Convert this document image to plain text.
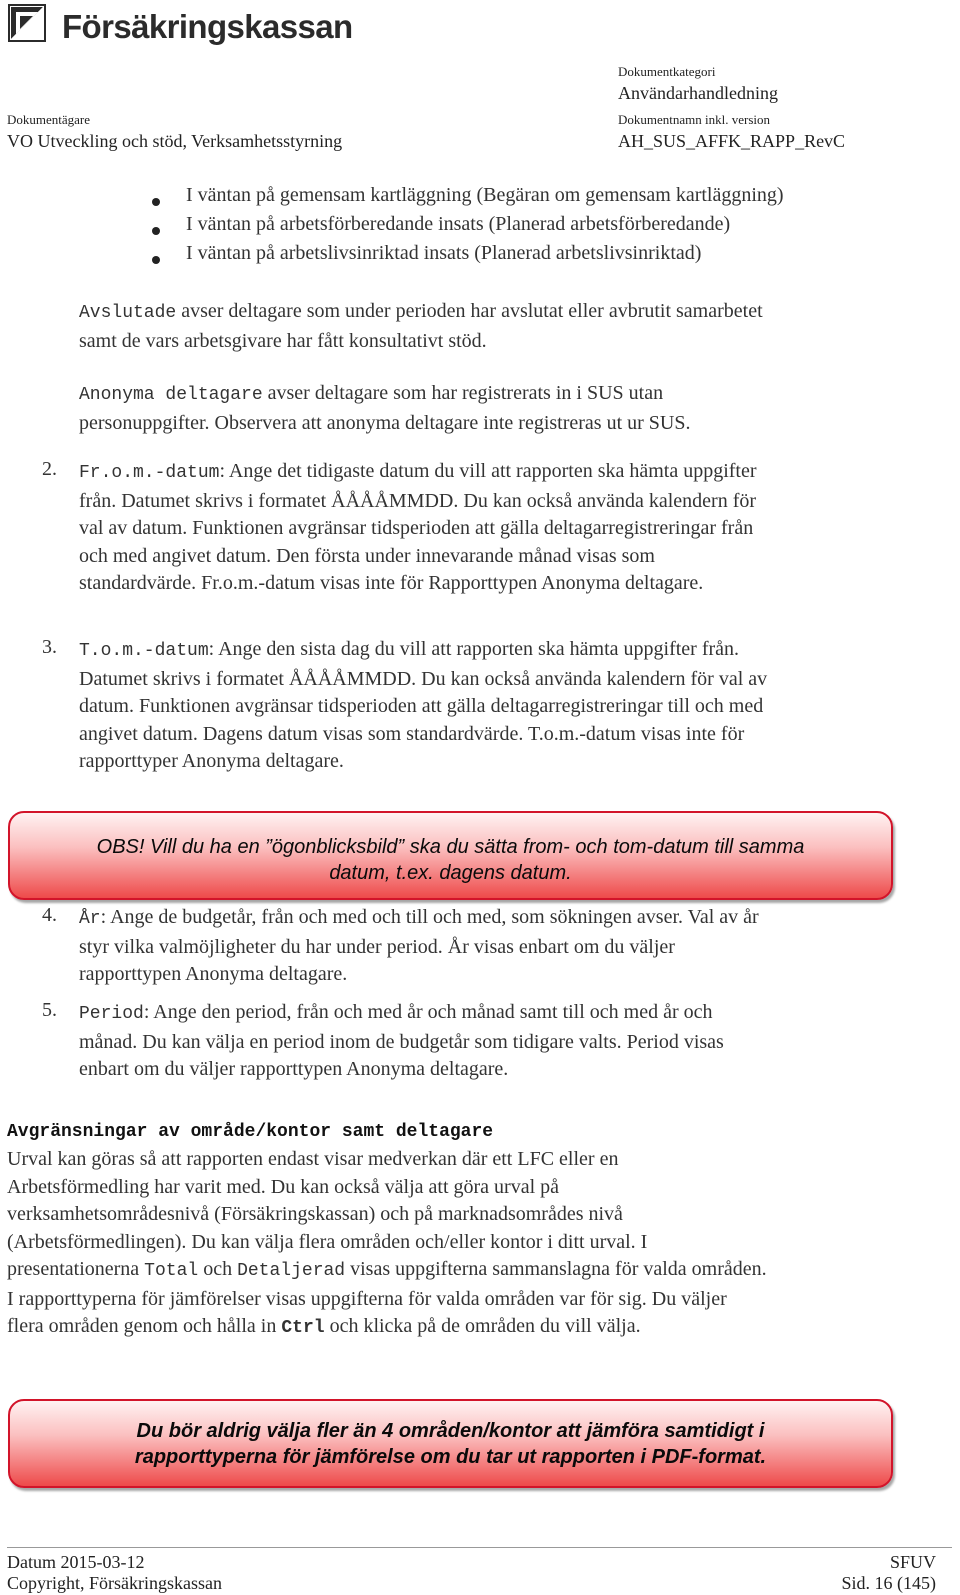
Försäkringskassan
Dokumentkategori
Användarhandledning
Dokumentägare
VO Utveckling och stöd, Verksamhetsstyrning
Dokumentnamn inkl. version
AH_SUS_AFFK_RAPP_RevC
I väntan på gemensam kartläggning (Begäran om gemensam kartläggning)
I väntan på arbetsförberedande insats (Planerad arbetsförberedande)
I väntan på arbetslivsinriktad insats (Planerad arbetslivsinriktad)
Avslutade avser deltagare som under perioden har avslutat eller avbrutit samarbetet
samt de vars arbetsgivare har fått konsultativt stöd.
Anonyma deltagare avser deltagare som har registrerats in i SUS utan
personuppgifter. Observera att anonyma deltagare inte registreras ut ur SUS.
2. Fr.o.m.-datum: Ange det tidigaste datum du vill att rapporten ska hämta uppgifter
från. Datumet skrivs i formatet ÅÅÅÅMMDD. Du kan också använda kalendern för
val av datum. Funktionen avgränsar tidsperioden att gälla deltagarregistreringar från
och med angivet datum. Den första under innevarande månad visas som
standardvärde. Fr.o.m.-datum visas inte för Rapporttypen Anonyma deltagare.
3. T.o.m.-datum: Ange den sista dag du vill att rapporten ska hämta uppgifter från.
Datumet skrivs i formatet ÅÅÅÅMMDD. Du kan också använda kalendern för val av
datum. Funktionen avgränsar tidsperioden att gälla deltagarregistreringar till och med
angivet datum. Dagens datum visas som standardvärde. T.o.m.-datum visas inte för
rapporttyper Anonyma deltagare.
OBS! Vill du ha en ”ögonblicksbild” ska du sätta from- och tom-datum till samma
datum, t.ex. dagens datum.
4. År: Ange de budgetår, från och med och till och med, som sökningen avser. Val av år
styr vilka valmöjligheter du har under period. År visas enbart om du väljer
rapporttypen Anonyma deltagare.
5. Period: Ange den period, från och med år och månad samt till och med år och
månad. Du kan välja en period inom de budgetår som tidigare valts. Period visas
enbart om du väljer rapporttypen Anonyma deltagare.
Avgränsningar av område/kontor samt deltagare
Urval kan göras så att rapporten endast visar medverkan där ett LFC eller en
Arbetsförmedling har varit med. Du kan också välja att göra urval på
verksamhetsområdesnivå (Försäkringskassan) och på marknadsområdes nivå
(Arbetsförmedlingen). Du kan välja flera områden och/eller kontor i ditt urval. I
presentationerna Total och Detaljerad visas uppgifterna sammanslagna för valda områden.
I rapporttyperna för jämförelser visas uppgifterna för valda områden var för sig. Du väljer
flera områden genom och hålla in Ctrl och klicka på de områden du vill välja.
Du bör aldrig välja fler än 4 områden/kontor att jämföra samtidigt i
rapporttyperna för jämförelse om du tar ut rapporten i PDF-format.
Datum 2015-03-12	SFUV
Copyright, Försäkringskassan	Sid. 16 (145)
